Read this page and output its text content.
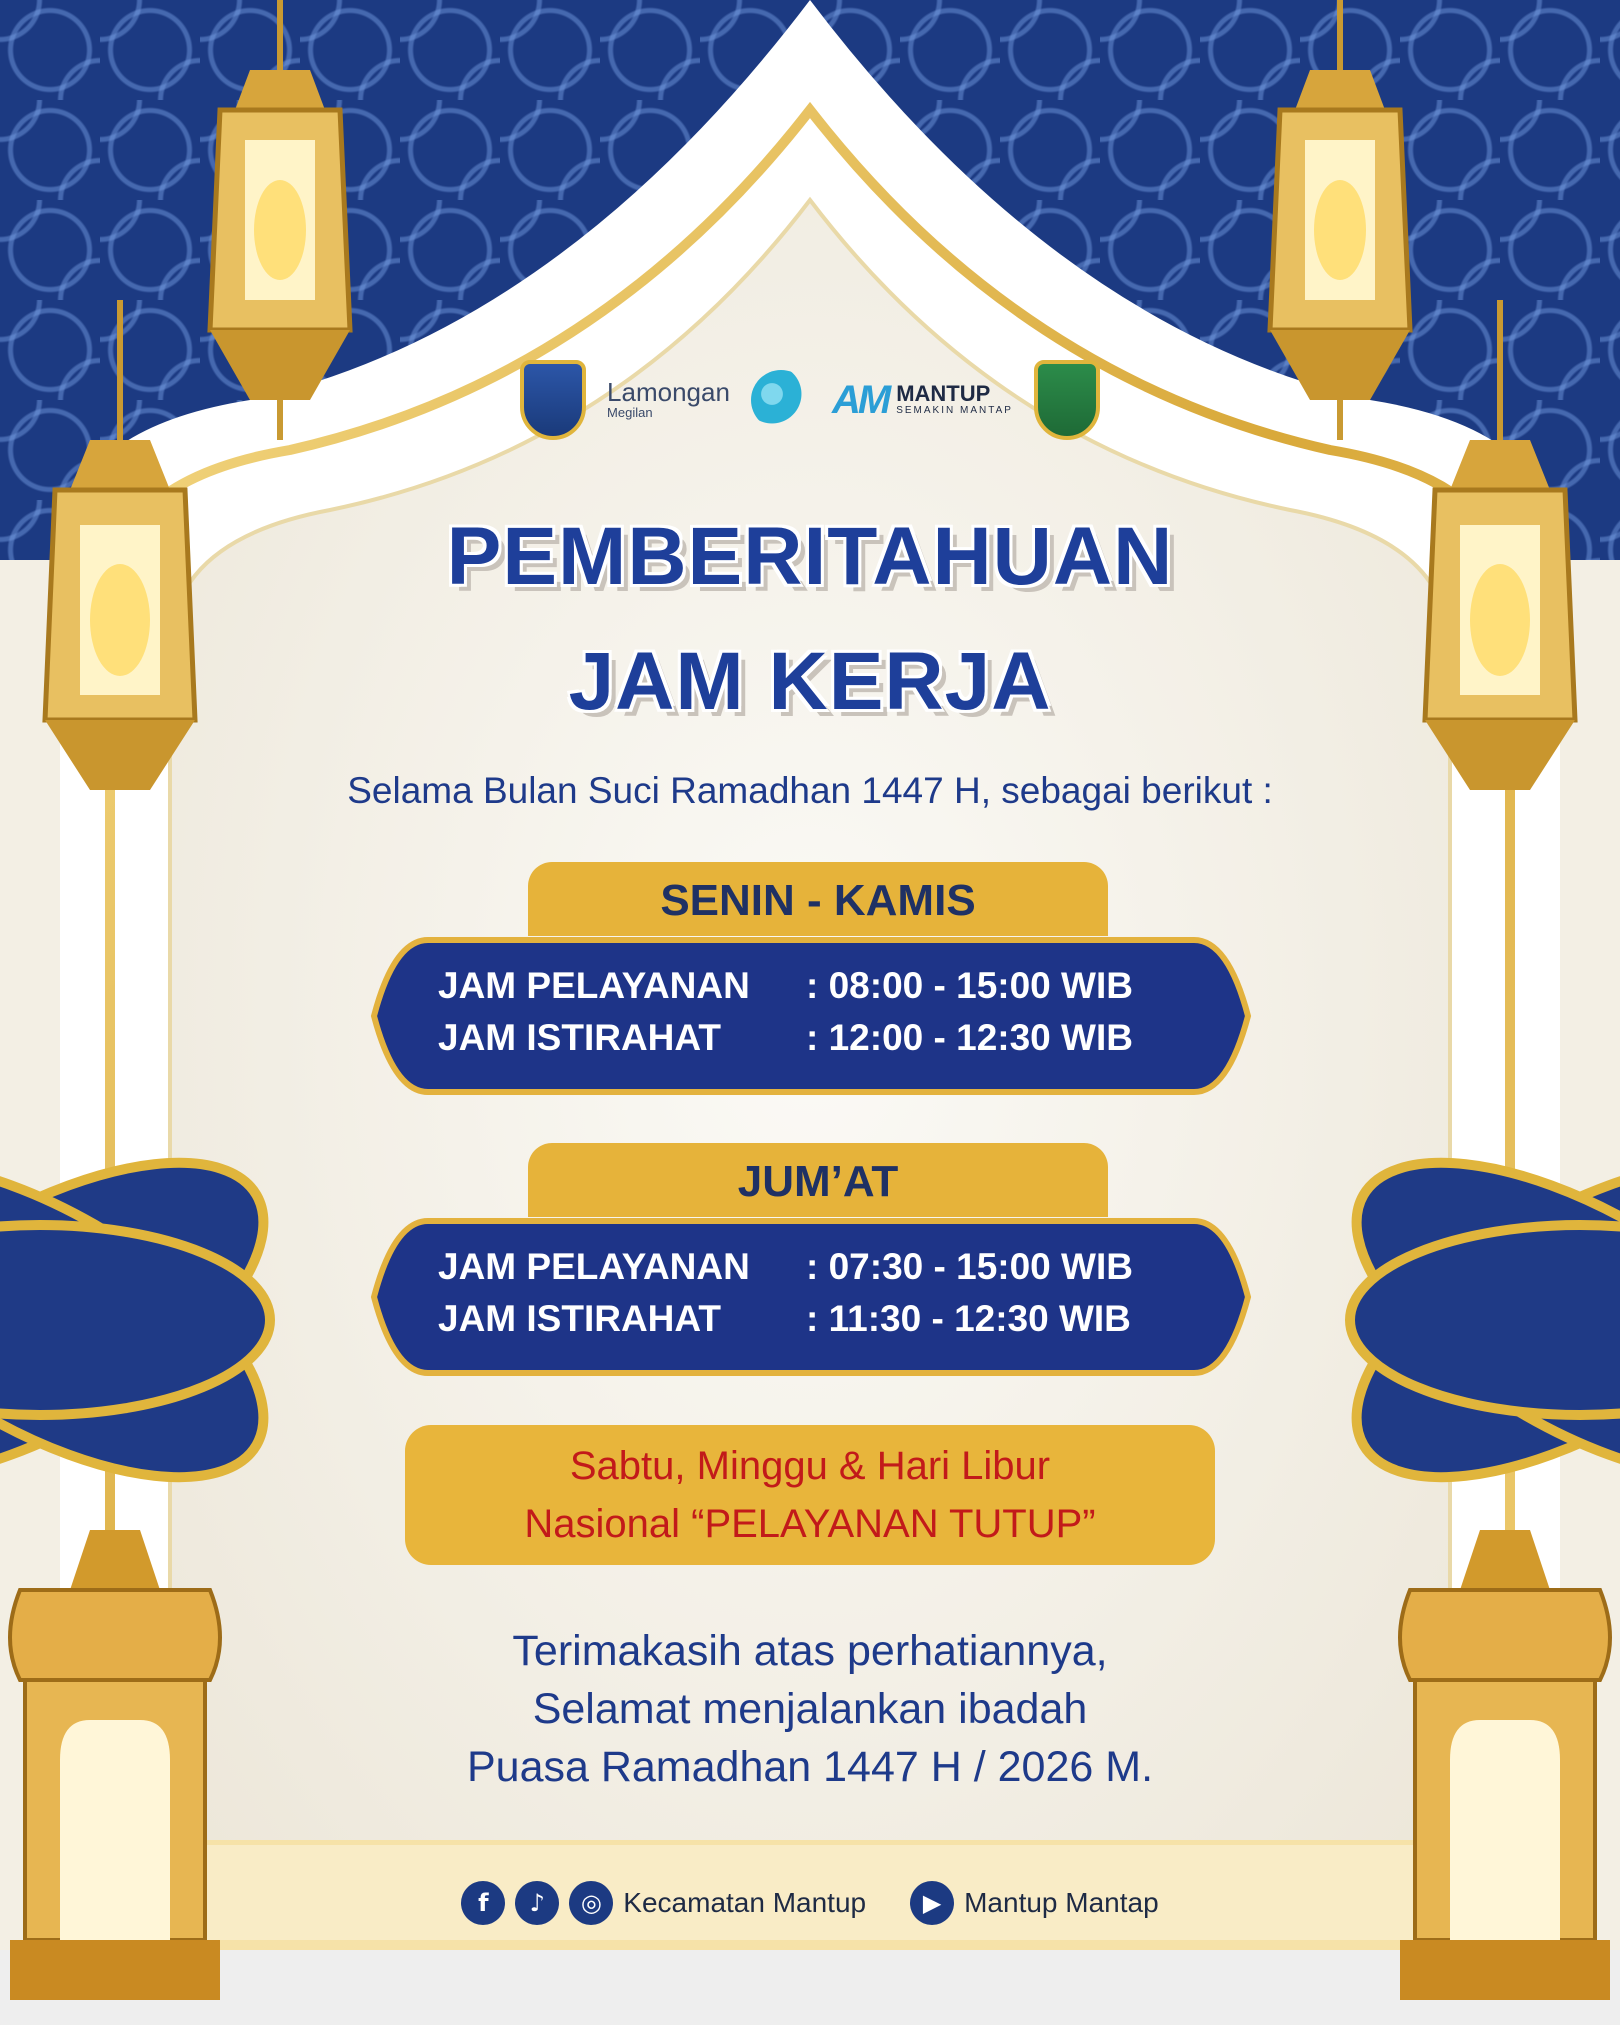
Lamongan
Megilan	AM MANTUP
SEMAKIN MANTAP
PEMBERITAHUAN
JAM KERJA
Selama Bulan Suci Ramadhan 1447 H, sebagai berikut :
SENIN - KAMIS
JAM PELAYANAN	: 08:00 - 15:00 WIB
JAM ISTIRAHAT	: 12:00 - 12:30 WIB
JUM’AT
JAM PELAYANAN	: 07:30 - 15:00 WIB
JAM ISTIRAHAT	: 11:30 - 12:30 WIB
Sabtu, Minggu & Hari Libur
Nasional “PELAYANAN TUTUP”
Terimakasih atas perhatiannya,
Selamat menjalankan ibadah
Puasa Ramadhan 1447 H / 2026 M.
f	♪	◎ Kecamatan Mantup	▶ Mantup Mantap
